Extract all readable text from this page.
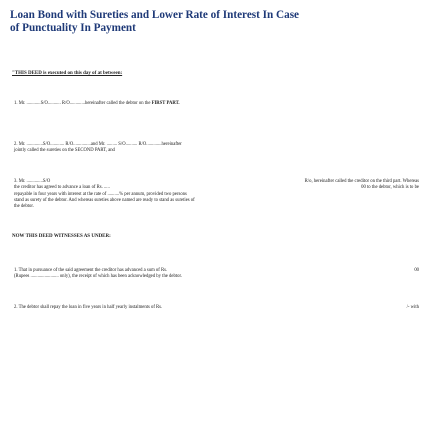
Loan Bond with Sureties and Lower Rate of Interest In Case
of Punctuality In Payment
"THIS DEED is executed on this day of at between:
1. Mr. ............S/O........... R/O.............hereinafter called the debtor on the FIRST PART.
2. Mr. ..............S/O............ R/O...............and Mr. ......... S/O.......... R/O.............hereinafter
jointly called the sureties on the SECOND PART, and
3. Mr. ..............S/O	R/o, hereinafter called the creditor on the third part. Whereas
the creditor has agreed to advance a loan of Rs. .....	00 to the debtor, which is to be
repayable in four years with interest at the rate of ..........% per annum, provided two persons
stand as surety of the debtor. And whereas sureties above named are ready to stand as sureties of
the debtor.
NOW THIS DEED WITNESSES AS UNDER:
1. That in pursuance of the said agreement the creditor has advanced a sum of Rs.	00
(Rupees ........................ only), the receipt of which has been acknowledged by the debtor.
2. The debtor shall repay the loan in five years in half yearly instalments of Rs.	/- with
